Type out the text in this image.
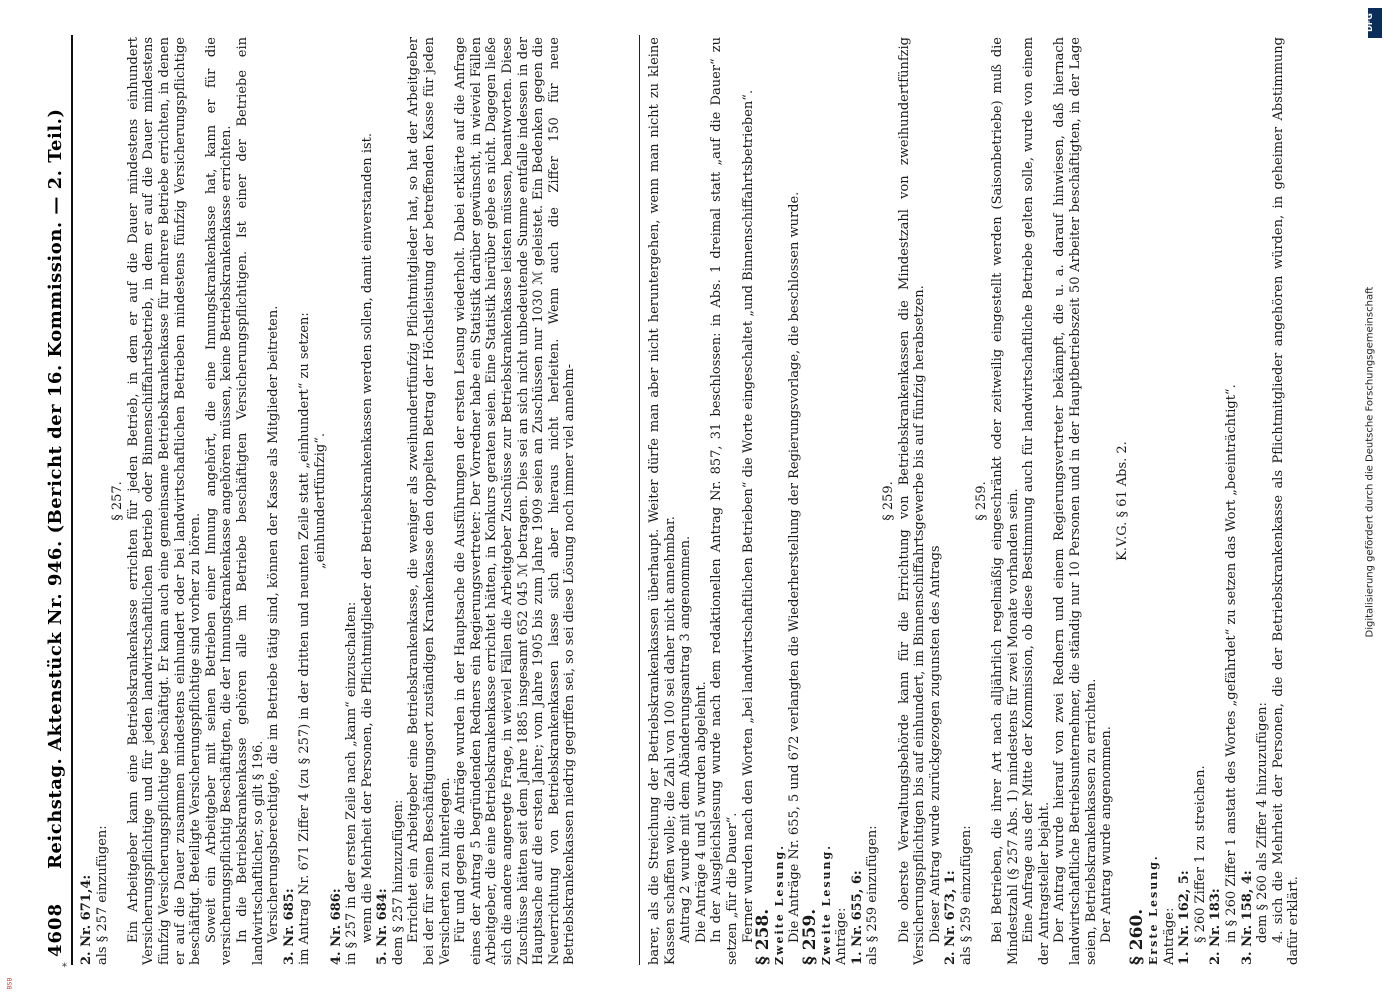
4608
Reichstag. Aktenstück Nr. 946. (Bericht der 16. Kommission. — 2. Teil.)

2. Nr. 671,4: als § 257 einzufügen:

§ 257. Ein Arbeitgeber kann eine Betriebskrankenkasse errichten für jeden Betrieb, in dem er auf die Dauer mindestens einhundert Versicherungspflichtige und für jeden landwirtschaftlichen Betrieb oder Binnenschiffahrtsbetrieb, in dem er auf die Dauer mindestens fünfzig Versicherungspflichtige beschäftigt. Er kann auch eine gemeinsame Betriebskrankenkasse für mehrere Betriebe errichten, in denen er auf die Dauer zusammen mindestens einhundert oder bei landwirtschaftlichen Betrieben mindestens fünfzig Versicherungspflichtige beschäftigt. Beteiligte Versicherungspflichtige sind vorher zu hören. Soweit ein Arbeitgeber mit seinen Betrieben einer Innung angehört, die eine Innungskrankenkasse hat, kann er für die versicherungspflichtig Beschäftigten, die der Innungskrankenkasse angehören müssen, keine Betriebskrankenkasse errichten. In die Betriebskrankenkasse gehören alle im Betriebe beschäftigten Versicherungspflichtigen. Ist einer der Betriebe ein landwirtschaftlicher, so gilt § 196. Versicherungsberechtigte, die im Betriebe tätig sind, können der Kasse als Mitglieder beitreten. 3. Nr. 685: im Antrag Nr. 671 Ziffer 4 (zu § 257) in der dritten und neunten Zeile statt „einhundert“ zu setzen: „einhundertfünfzig“.

4. Nr. 686: in § 257 in der ersten Zeile nach „kann“ einzuschalten: wenn die Mehrheit der Personen, die Pflichtmitglieder der Betriebskrankenkassen werden sollen, damit einverstanden ist. 5. Nr. 684: dem § 257 hinzuzufügen: Errichtet ein Arbeitgeber eine Betriebskrankenkasse, die weniger als zweihundertfünfzig Pflichtmitglieder hat, so hat der Arbeitgeber bei der für seinen Beschäftigungsort zuständigen Krankenkasse den doppelten Betrag der Höchstleistung der betreffenden Kasse für jeden Versicherten zu hinterlegen. Für und gegen die Anträge wurden in der Hauptsache die Ausführungen der ersten Lesung wiederholt. Dabei erklärte auf die Anfrage eines der Antrag 5 begründenden Redners ein Regierungsvertreter: Der Vorredner habe ein Statistik darüber gewünscht, in wieviel Fällen Arbeitgeber, die eine Betriebskrankenkasse errichtet hätten, in Konkurs geraten seien. Eine Statistik hierüber gebe es nicht. Dagegen ließe sich die andere angeregte Frage, in wieviel Fällen die Arbeitgeber Zuschüsse zur Betriebskrankenkasse leisten müssen, beantworten. Diese Zuschüsse hätten seit dem Jahre 1885 insgesamt 652 045 ℳ betragen. Dies sei an sich nicht unbedeutende Summe entfalle indessen in der Hauptsache auf die ersten Jahre; vom Jahre 1905 bis zum Jahre 1909 seien an Zuschüssen nur 1030 ℳ geleistet. Ein Bedenken gegen die Neuerrichtung von Betriebskrankenkassen lasse sich aber hieraus nicht herleiten. Wenn auch die Ziffer 150 für neue Betriebskrankenkassen niedrig gegriffen sei, so sei diese Lösung noch immer viel annehm-	barer, als die Streichung der Betriebskrankenkassen überhaupt. Weiter dürfe man aber nicht heruntergehen, wenn man nicht zu kleine Kassen schaffen wolle; die Zahl von 100 sei daher nicht annehmbar. Antrag 2 wurde mit dem Abänderungsantrag 3 angenommen. Die Anträge 4 und 5 wurden abgelehnt. In der Ausgleichslesung wurde nach dem redaktionellen Antrag Nr. 857, 31 beschlossen: in Abs. 1 dreimal statt „auf die Dauer“ zu setzen „für die Dauer“. Ferner wurden nach den Worten „bei landwirtschaftlichen Betrieben“ die Worte eingeschaltet „und Binnenschiffahrtsbetrieben“.

§ 258. Zweite Lesung. Die Anträge Nr. 655, 5 und 672 verlangten die Wiederherstellung der Regierungsvorlage, die beschlossen wurde.

§ 259. Zweite Lesung. Anträge: 1. Nr. 655, 6: als § 259 einzufügen:

§ 259. Die oberste Verwaltungsbehörde kann für die Errichtung von Betriebskrankenkassen die Mindestzahl von zweihundertfünfzig Versicherungspflichtigen bis auf einhundert, im Binnenschiffahrtsgewerbe bis auf fünfzig herabsetzen. Dieser Antrag wurde zurückgezogen zugunsten des Antrags 2. Nr. 673, 1: als § 259 einzufügen:

§ 259. Bei Betrieben, die ihrer Art nach alljährlich regelmäßig eingeschränkt oder zeitweilig eingestellt werden (Saisonbetriebe) muß die Mindestzahl (§ 257 Abs. 1) mindestens für zwei Monate vorhanden sein. Eine Anfrage aus der Mitte der Kommission, ob diese Bestimmung auch für landwirtschaftliche Betriebe gelten solle, wurde von einem der Antragsteller bejaht. Der Antrag wurde hierauf von zwei Rednern und einem Regierungsvertreter bekämpft, die u. a. darauf hinwiesen, daß hiernach landwirtschaftliche Betriebsunternehmer, die ständig nur 10 Personen und in der Hauptbetriebszeit 50 Arbeiter beschäftigten, in der Lage seien, Betriebskrankenkassen zu errichten. Der Antrag wurde angenommen.

K.V.G. § 61 Abs. 2.

§ 260. Erste Lesung. Anträge: 1. Nr. 162, 5: § 260 Ziffer 1 zu streichen. 2. Nr. 183: in § 260 Ziffer 1 anstatt des Wortes „gefährdet“ zu setzen das Wort „beeinträchtigt“. 3. Nr. 158, 4: dem § 260 als Ziffer 4 hinzuzufügen: 4. sich die Mehrheit der Personen, die der Betriebskrankenkasse als Pflichtmitglieder angehören würden, in geheimer Abstimmung dafür erklärt.

DFG
Digitalisierung gefördert durch die Deutsche Forschungsgemeinschaft
BSB
*
